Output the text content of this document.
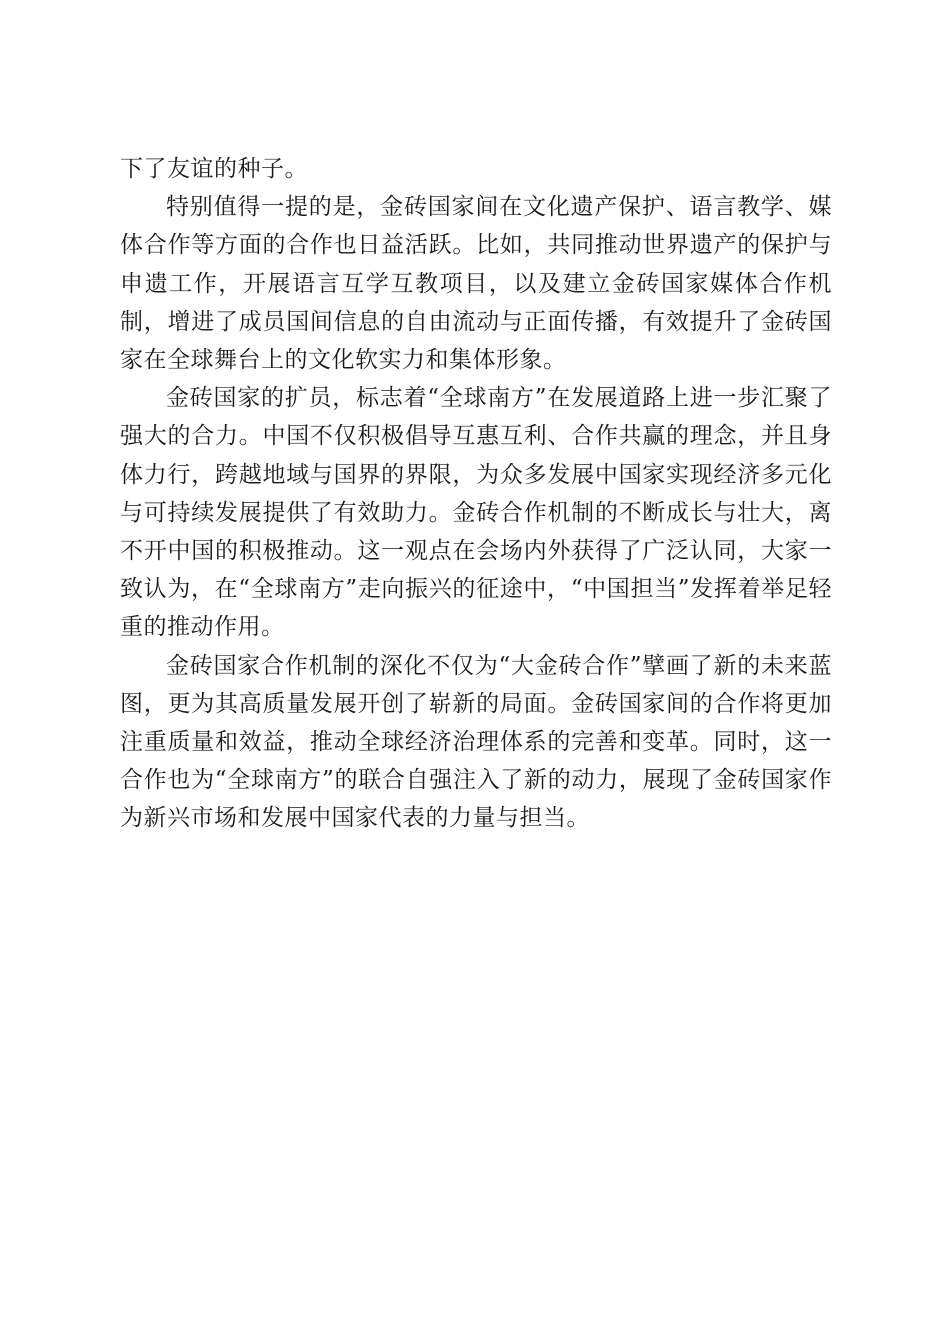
下了友谊的种子。

特别值得一提的是，金砖国家间在文化遗产保护、语言教学、媒体合作等方面的合作也日益活跃。比如，共同推动世界遗产的保护与申遗工作，开展语言互学互教项目，以及建立金砖国家媒体合作机制，增进了成员国间信息的自由流动与正面传播，有效提升了金砖国家在全球舞台上的文化软实力和集体形象。

金砖国家的扩员，标志着“全球南方”在发展道路上进一步汇聚了强大的合力。中国不仅积极倡导互惠互利、合作共赢的理念，并且身体力行，跨越地域与国界的界限，为众多发展中国家实现经济多元化与可持续发展提供了有效助力。金砖合作机制的不断成长与壮大，离不开中国的积极推动。这一观点在会场内外获得了广泛认同，大家一致认为，在“全球南方”走向振兴的征途中，“中国担当”发挥着举足轻重的推动作用。

金砖国家合作机制的深化不仅为“大金砖合作”擘画了新的未来蓝图，更为其高质量发展开创了崭新的局面。金砖国家间的合作将更加注重质量和效益，推动全球经济治理体系的完善和变革。同时，这一合作也为“全球南方”的联合自强注入了新的动力，展现了金砖国家作为新兴市场和发展中国家代表的力量与担当。
